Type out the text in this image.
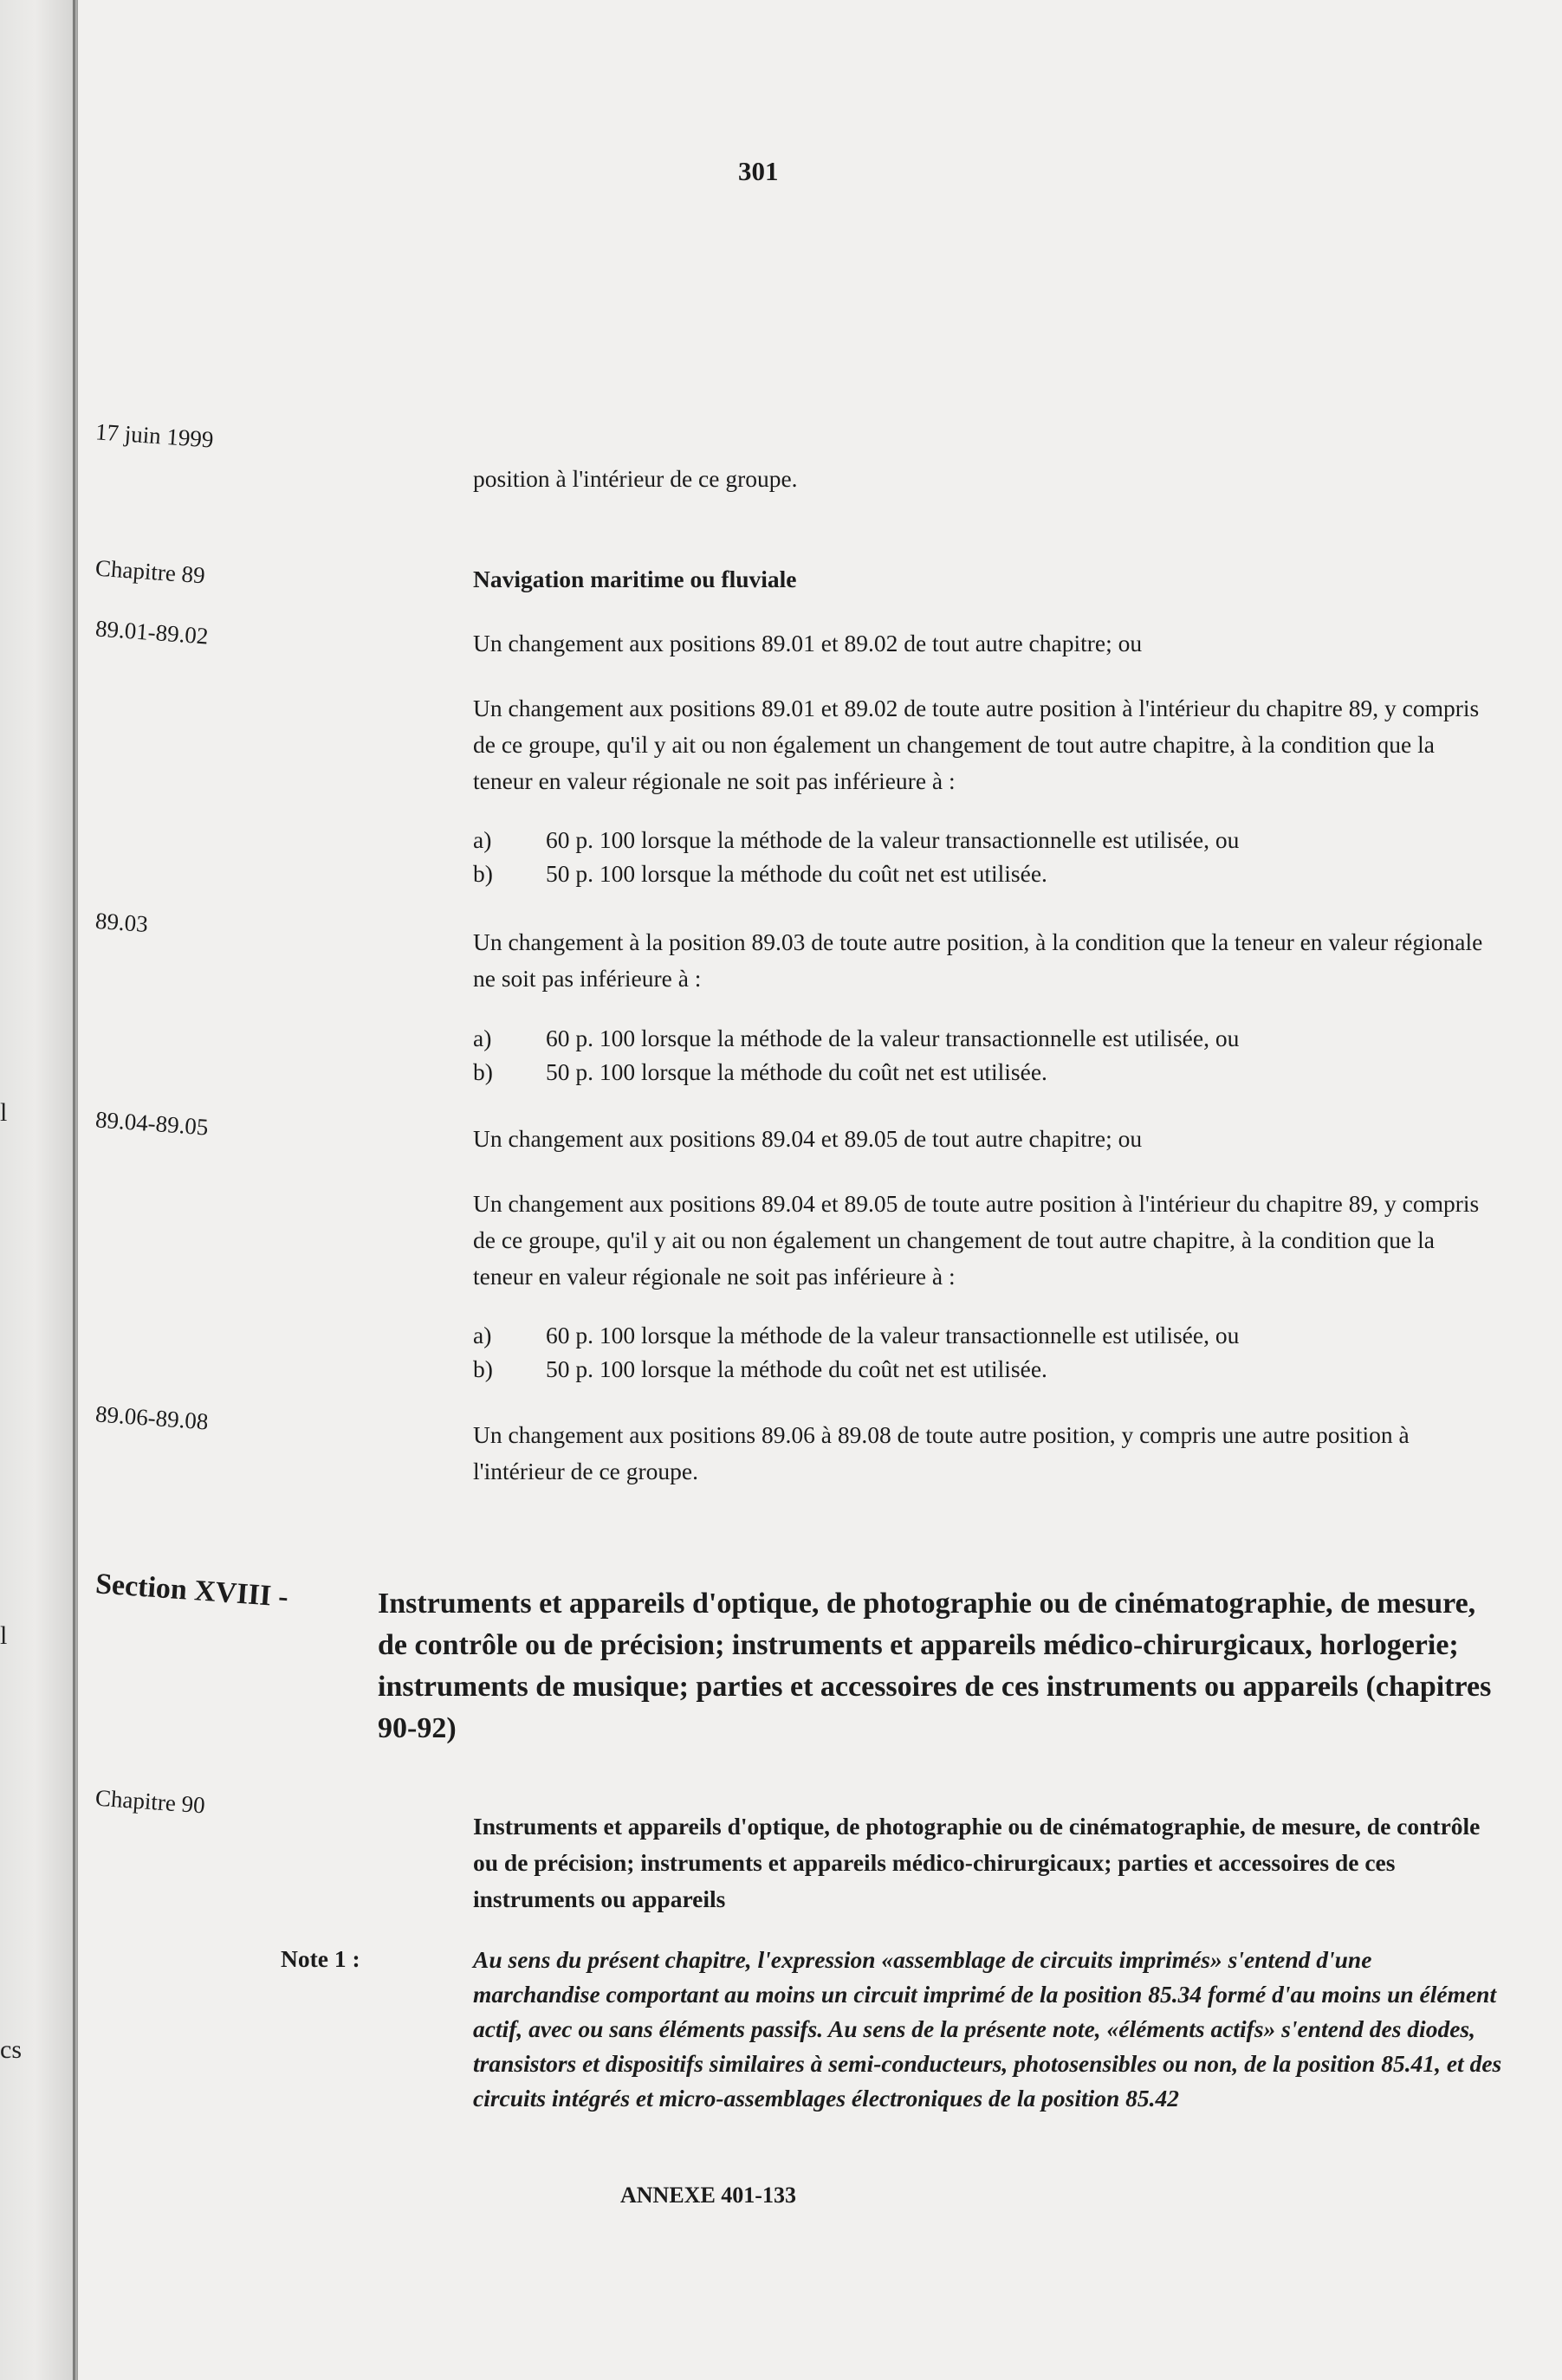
l
l
cs
301
17 juin 1999
Chapitre 89
89.01-89.02
89.03
89.04-89.05
89.06-89.08
Chapitre 90
position à l'intérieur de ce groupe.
Navigation maritime ou fluviale
Un changement aux positions 89.01 et 89.02 de tout autre chapitre; ou
Un changement aux positions 89.01 et 89.02 de toute autre position à l'intérieur du chapitre 89, y compris de ce groupe, qu'il y ait ou non également un changement de tout autre chapitre, à la condition que la teneur en valeur régionale ne soit pas inférieure à :
a) 60 p. 100 lorsque la méthode de la valeur transactionnelle est utilisée, ou
b) 50 p. 100 lorsque la méthode du coût net est utilisée.
Un changement à la position 89.03 de toute autre position, à la condition que la teneur en valeur régionale ne soit pas inférieure à :
a) 60 p. 100 lorsque la méthode de la valeur transactionnelle est utilisée, ou
b) 50 p. 100 lorsque la méthode du coût net est utilisée.
Un changement aux positions 89.04 et 89.05 de tout autre chapitre; ou
Un changement aux positions 89.04 et 89.05 de toute autre position à l'intérieur du chapitre 89, y compris de ce groupe, qu'il y ait ou non également un changement de tout autre chapitre, à la condition que la teneur en valeur régionale ne soit pas inférieure à :
a) 60 p. 100 lorsque la méthode de la valeur transactionnelle est utilisée, ou
b) 50 p. 100 lorsque la méthode du coût net est utilisée.
Un changement aux positions 89.06 à 89.08 de toute autre position, y compris une autre position à l'intérieur de ce groupe.
Section XVIII -	Instruments et appareils d'optique, de photographie ou de cinématographie, de mesure, de contrôle ou de précision; instruments et appareils médico-chirurgicaux, horlogerie; instruments de musique; parties et accessoires de ces instruments ou appareils (chapitres 90-92)
Instruments et appareils d'optique, de photographie ou de cinématographie, de mesure, de contrôle ou de précision; instruments et appareils médico-chirurgicaux; parties et accessoires de ces instruments ou appareils
Note 1 :	Au sens du présent chapitre, l'expression «assemblage de circuits imprimés» s'entend d'une marchandise comportant au moins un circuit imprimé de la position 85.34 formé d'au moins un élément actif, avec ou sans éléments passifs. Au sens de la présente note, «éléments actifs» s'entend des diodes, transistors et dispositifs similaires à semi-conducteurs, photosensibles ou non, de la position 85.41, et des circuits intégrés et micro-assemblages électroniques de la position 85.42
ANNEXE 401-133
